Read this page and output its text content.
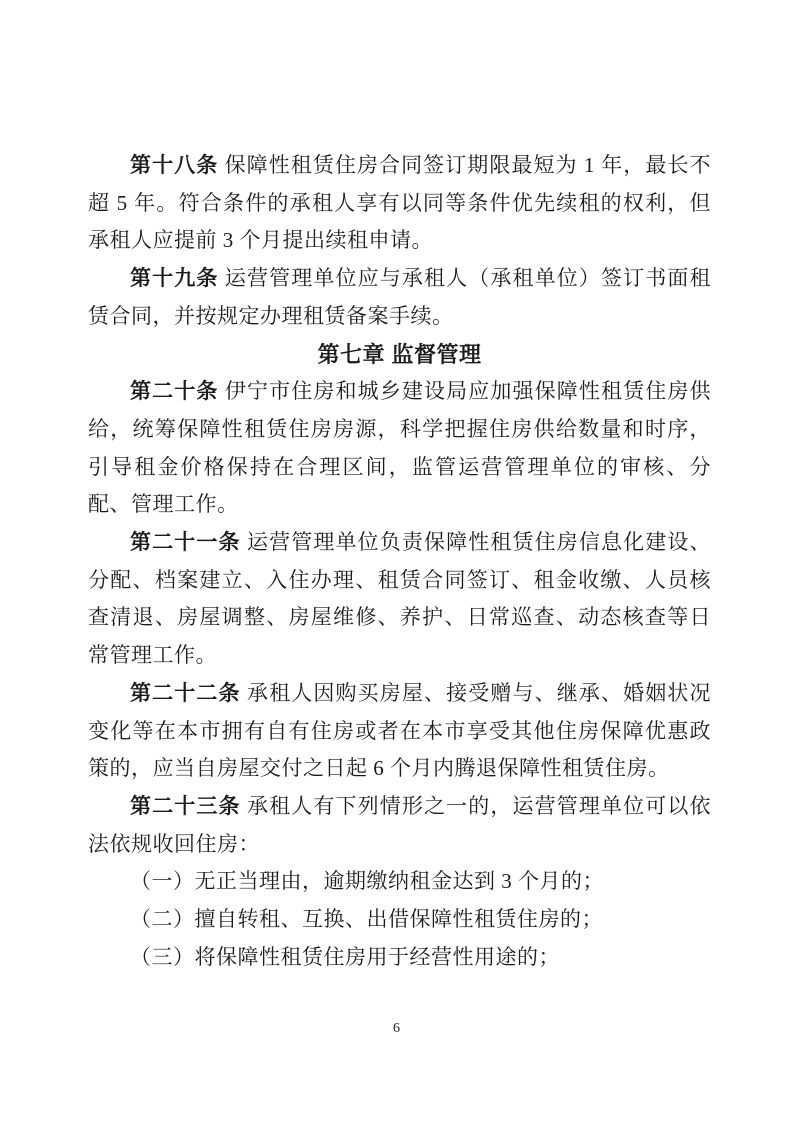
第十八条 保障性租赁住房合同签订期限最短为 1 年，最长不超 5 年。符合条件的承租人享有以同等条件优先续租的权利，但承租人应提前 3 个月提出续租申请。

第十九条 运营管理单位应与承租人（承租单位）签订书面租赁合同，并按规定办理租赁备案手续。

第七章 监督管理

第二十条 伊宁市住房和城乡建设局应加强保障性租赁住房供给，统筹保障性租赁住房房源，科学把握住房供给数量和时序，引导租金价格保持在合理区间，监管运营管理单位的审核、分配、管理工作。

第二十一条 运营管理单位负责保障性租赁住房信息化建设、分配、档案建立、入住办理、租赁合同签订、租金收缴、人员核查清退、房屋调整、房屋维修、养护、日常巡查、动态核查等日常管理工作。

第二十二条 承租人因购买房屋、接受赠与、继承、婚姻状况变化等在本市拥有自有住房或者在本市享受其他住房保障优惠政策的，应当自房屋交付之日起 6 个月内腾退保障性租赁住房。

第二十三条 承租人有下列情形之一的，运营管理单位可以依法依规收回住房：

（一）无正当理由，逾期缴纳租金达到 3 个月的；

（二）擅自转租、互换、出借保障性租赁住房的；

（三）将保障性租赁住房用于经营性用途的；

6
